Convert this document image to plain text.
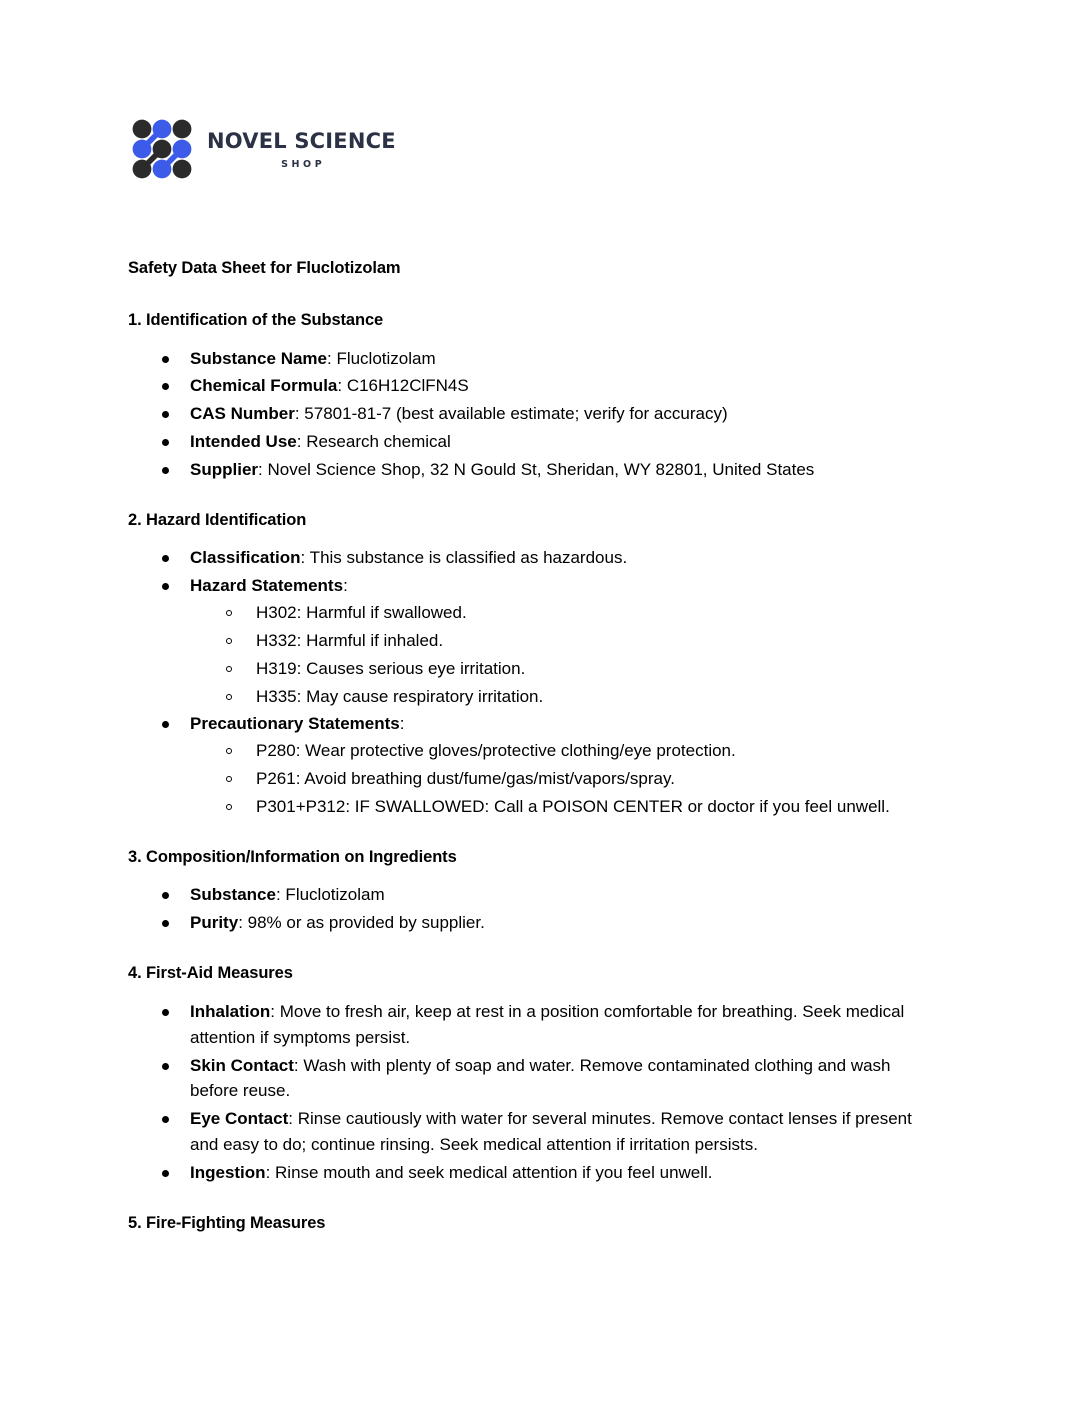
NOVEL SCIENCE
SHOP
Safety Data Sheet for Fluclotizolam
1. Identification of the Substance
Substance Name: Fluclotizolam
Chemical Formula: C16H12ClFN4S
CAS Number: 57801-81-7 (best available estimate; verify for accuracy)
Intended Use: Research chemical
Supplier: Novel Science Shop, 32 N Gould St, Sheridan, WY 82801, United States
2. Hazard Identification
Classification: This substance is classified as hazardous.
Hazard Statements:
H302: Harmful if swallowed.
H332: Harmful if inhaled.
H319: Causes serious eye irritation.
H335: May cause respiratory irritation.
Precautionary Statements:
P280: Wear protective gloves/protective clothing/eye protection.
P261: Avoid breathing dust/fume/gas/mist/vapors/spray.
P301+P312: IF SWALLOWED: Call a POISON CENTER or doctor if you feel unwell.
3. Composition/Information on Ingredients
Substance: Fluclotizolam
Purity: 98% or as provided by supplier.
4. First-Aid Measures
Inhalation: Move to fresh air, keep at rest in a position comfortable for breathing. Seek medical attention if symptoms persist.
Skin Contact: Wash with plenty of soap and water. Remove contaminated clothing and wash before reuse.
Eye Contact: Rinse cautiously with water for several minutes. Remove contact lenses if present and easy to do; continue rinsing. Seek medical attention if irritation persists.
Ingestion: Rinse mouth and seek medical attention if you feel unwell.
5. Fire-Fighting Measures
